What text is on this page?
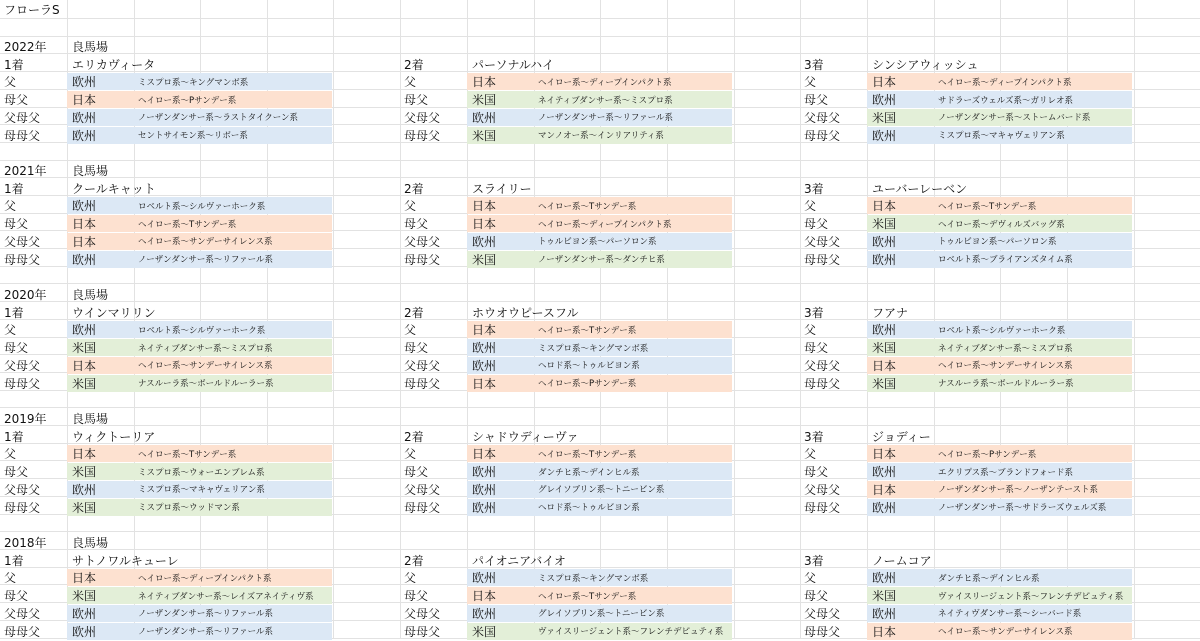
フローラS
2022年 良馬場
1着	エリカヴィータ
父	欧州	ミスプロ系〜キングマンボ系
母父	日本	ヘイロー系〜Pサンデー系
父母父	欧州	ノーザンダンサー系〜ラストタイクーン系
母母父	欧州	セントサイモン系〜リボー系
2着	パーソナルハイ
父	日本	ヘイロー系〜ディープインパクト系
母父	米国	ネイティブダンサー系〜ミスプロ系
父母父	欧州	ノーザンダンサー系〜リファール系
母母父	米国	マンノオー系〜インリアリティ系
3着	シンシアウィッシュ
父	日本	ヘイロー系〜ディープインパクト系
母父	欧州	サドラーズウェルズ系〜ガリレオ系
父母父	米国	ノーザンダンサー系〜ストームバード系
母母父	欧州	ミスプロ系〜マキャヴェリアン系
2021年 良馬場
1着	クールキャット
父	欧州	ロベルト系〜シルヴァーホーク系
母父	日本	ヘイロー系〜Tサンデー系
父母父	日本	ヘイロー系〜サンデーサイレンス系
母母父	欧州	ノーザンダンサー系〜リファール系
2着	スライリー
父	日本	ヘイロー系〜Tサンデー系
母父	日本	ヘイロー系〜ディープインパクト系
父母父	欧州	トゥルビヨン系〜パーソロン系
母母父	米国	ノーザンダンサー系〜ダンチヒ系
3着	ユーバーレーベン
父	日本	ヘイロー系〜Tサンデー系
母父	米国	ヘイロー系〜デヴィルズバッグ系
父母父	欧州	トゥルビヨン系〜パーソロン系
母母父	欧州	ロベルト系〜ブライアンズタイム系
2020年 良馬場
1着	ウインマリリン
父	欧州	ロベルト系〜シルヴァーホーク系
母父	米国	ネイティブダンサー系〜ミスプロ系
父母父	日本	ヘイロー系〜サンデーサイレンス系
母母父	米国	ナスルーラ系〜ボールドルーラー系
2着	ホウオウピースフル
父	日本	ヘイロー系〜Tサンデー系
母父	欧州	ミスプロ系〜キングマンボ系
父母父	欧州	ヘロド系〜トゥルビヨン系
母母父	日本	ヘイロー系〜Pサンデー系
3着	フアナ
父	欧州	ロベルト系〜シルヴァーホーク系
母父	米国	ネイティブダンサー系〜ミスプロ系
父母父	日本	ヘイロー系〜サンデーサイレンス系
母母父	米国	ナスルーラ系〜ボールドルーラー系
2019年 良馬場
1着	ウィクトーリア
父	日本	ヘイロー系〜Tサンデー系
母父	米国	ミスプロ系〜ウォーエンブレム系
父母父	欧州	ミスプロ系〜マキャヴェリアン系
母母父	米国	ミスプロ系〜ウッドマン系
2着	シャドウディーヴァ
父	日本	ヘイロー系〜Tサンデー系
母父	欧州	ダンチヒ系〜デインヒル系
父母父	欧州	グレイソブリン系〜トニービン系
母母父	欧州	ヘロド系〜トゥルビヨン系
3着	ジョディー
父	日本	ヘイロー系〜Pサンデー系
母父	欧州	エクリプス系〜ブランドフォード系
父母父	日本	ノーザンダンサー系〜ノーザンテースト系
母母父	欧州	ノーザンダンサー系〜サドラーズウェルズ系
2018年 良馬場
1着	サトノワルキューレ
父	日本	ヘイロー系〜ディープインパクト系
母父	米国	ネイティブダンサー系〜レイズアネイティヴ系
父母父	欧州	ノーザンダンサー系〜リファール系
母母父	欧州	ノーザンダンサー系〜リファール系
2着	パイオニアバイオ
父	欧州	ミスプロ系〜キングマンボ系
母父	日本	ヘイロー系〜Tサンデー系
父母父	欧州	グレイソブリン系〜トニービン系
母母父	米国	ヴァイスリージェント系〜フレンチデピュティ系
3着	ノームコア
父	欧州	ダンチヒ系〜デインヒル系
母父	米国	ヴァイスリージェント系〜フレンチデピュティ系
父母父	欧州	ネイティヴダンサー系〜シーバード系
母母父	日本	ヘイロー系〜サンデーサイレンス系
